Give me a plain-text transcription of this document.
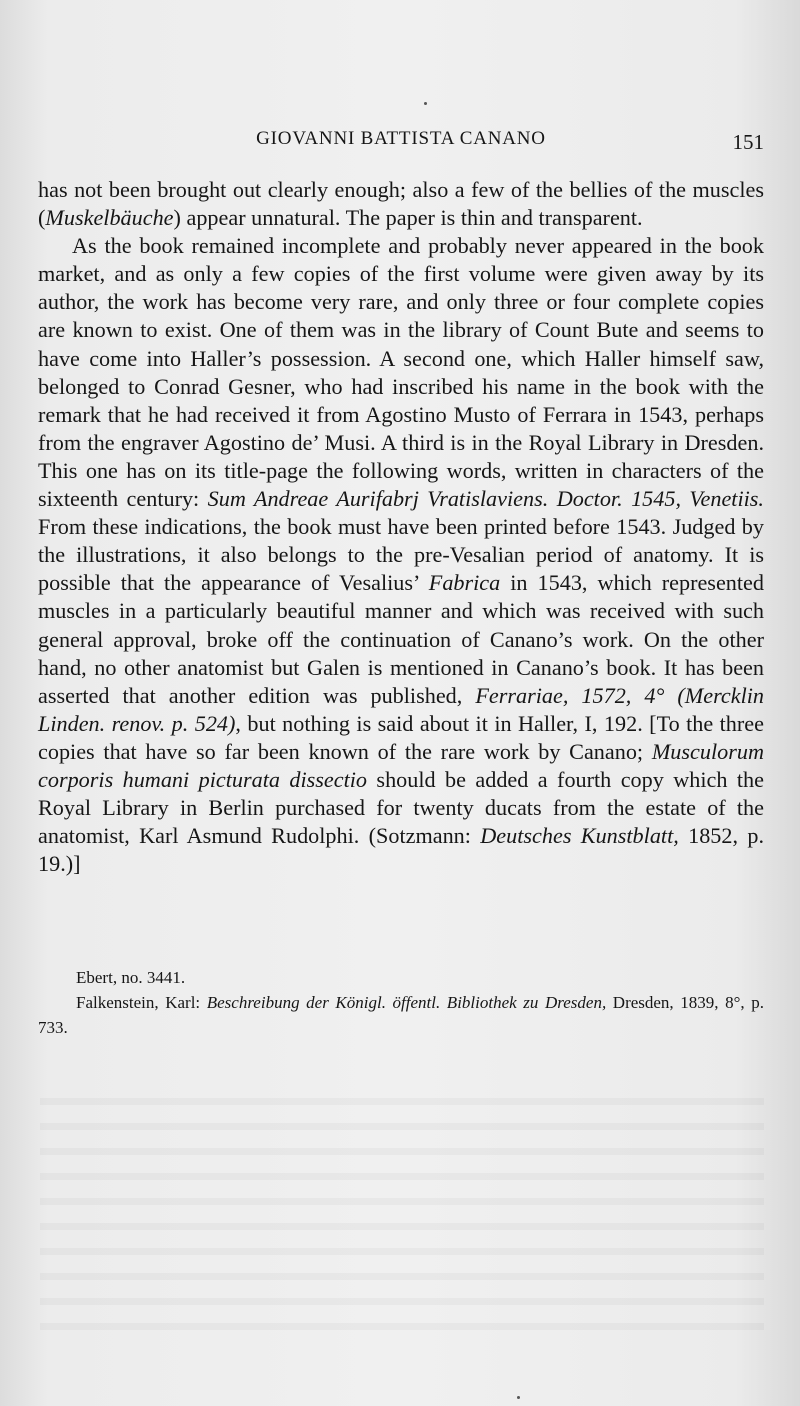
GIOVANNI BATTISTA CANANO	151

has not been brought out clearly enough; also a few of the bellies of the muscles (Muskelbäuche) appear unnatural. The paper is thin and transparent.

As the book remained incomplete and probably never appeared in the book market, and as only a few copies of the first volume were given away by its author, the work has become very rare, and only three or four complete copies are known to exist. One of them was in the library of Count Bute and seems to have come into Haller’s possession. A second one, which Haller himself saw, belonged to Conrad Gesner, who had inscribed his name in the book with the remark that he had received it from Agostino Musto of Ferrara in 1543, perhaps from the engraver Agostino de’ Musi. A third is in the Royal Library in Dresden. This one has on its title-page the following words, written in characters of the sixteenth century: Sum Andreae Aurifabrj Vratislaviens. Doctor. 1545, Venetiis. From these indications, the book must have been printed before 1543. Judged by the illustrations, it also belongs to the pre-Vesalian period of anatomy. It is possible that the appearance of Vesalius’ Fabrica in 1543, which represented muscles in a particularly beautiful manner and which was received with such general approval, broke off the continuation of Canano’s work. On the other hand, no other anatomist but Galen is mentioned in Canano’s book. It has been asserted that another edition was published, Ferrariae, 1572, 4° (Mercklin Linden. renov. p. 524), but nothing is said about it in Haller, I, 192. [To the three copies that have so far been known of the rare work by Canano; Musculorum corporis humani picturata dissectio should be added a fourth copy which the Royal Library in Berlin purchased for twenty ducats from the estate of the anatomist, Karl Asmund Rudolphi. (Sotzmann: Deutsches Kunstblatt, 1852, p. 19.)]

Ebert, no. 3441.

Falkenstein, Karl: Beschreibung der Königl. öffentl. Bibliothek zu Dresden, Dresden, 1839, 8°, p. 733.
